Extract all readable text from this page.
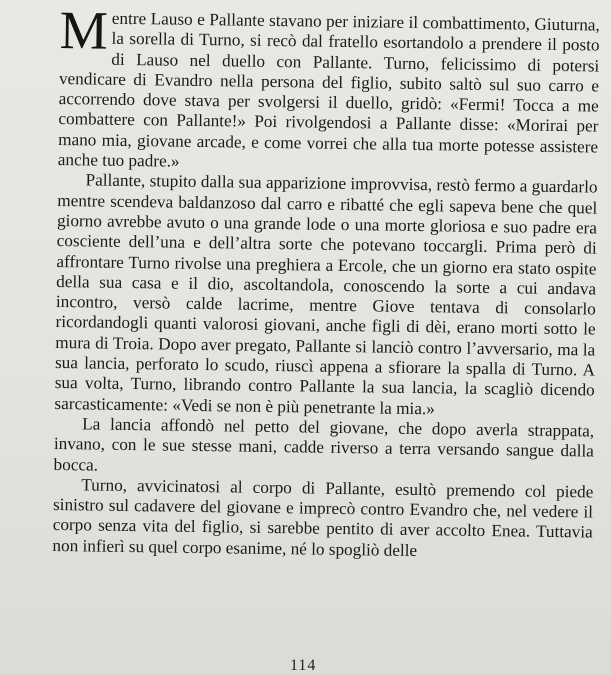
Mentre Lauso e Pallante stavano per iniziare il combattimento, Giuturna, la sorella di Turno, si recò dal fratello esortandolo a prendere il posto di Lauso nel duello con Pallante. Turno, felicissimo di potersi vendicare di Evandro nella persona del figlio, subito saltò sul suo carro e accorrendo dove stava per svolgersi il duello, gridò: «Fermi! Tocca a me combattere con Pallante!» Poi rivolgendosi a Pallante disse: «Morirai per mano mia, giovane arcade, e come vorrei che alla tua morte potesse assistere anche tuo padre.»

Pallante, stupito dalla sua apparizione improvvisa, restò fermo a guardarlo mentre scendeva baldanzoso dal carro e ribatté che egli sapeva bene che quel giorno avrebbe avuto o una grande lode o una morte gloriosa e suo padre era cosciente dell’una e dell’altra sorte che potevano toccargli. Prima però di affrontare Turno rivolse una preghiera a Ercole, che un giorno era stato ospite della sua casa e il dio, ascoltandola, conoscendo la sorte a cui andava incontro, versò calde lacrime, mentre Giove tentava di consolarlo ricordandogli quanti valorosi giovani, anche figli di dèi, erano morti sotto le mura di Troia. Dopo aver pregato, Pallante si lanciò contro l’avversario, ma la sua lancia, perforato lo scudo, riuscì appena a sfiorare la spalla di Turno. A sua volta, Turno, librando contro Pallante la sua lancia, la scagliò dicendo sarcasticamente: «Vedi se non è più penetrante la mia.»

La lancia affondò nel petto del giovane, che dopo averla strappata, invano, con le sue stesse mani, cadde riverso a terra versando sangue dalla bocca.

Turno, avvicinatosi al corpo di Pallante, esultò premendo col piede sinistro sul cadavere del giovane e imprecò contro Evandro che, nel vedere il corpo senza vita del figlio, si sarebbe pentito di aver accolto Enea. Tuttavia non infierì su quel corpo esanime, né lo spogliò delle

114
